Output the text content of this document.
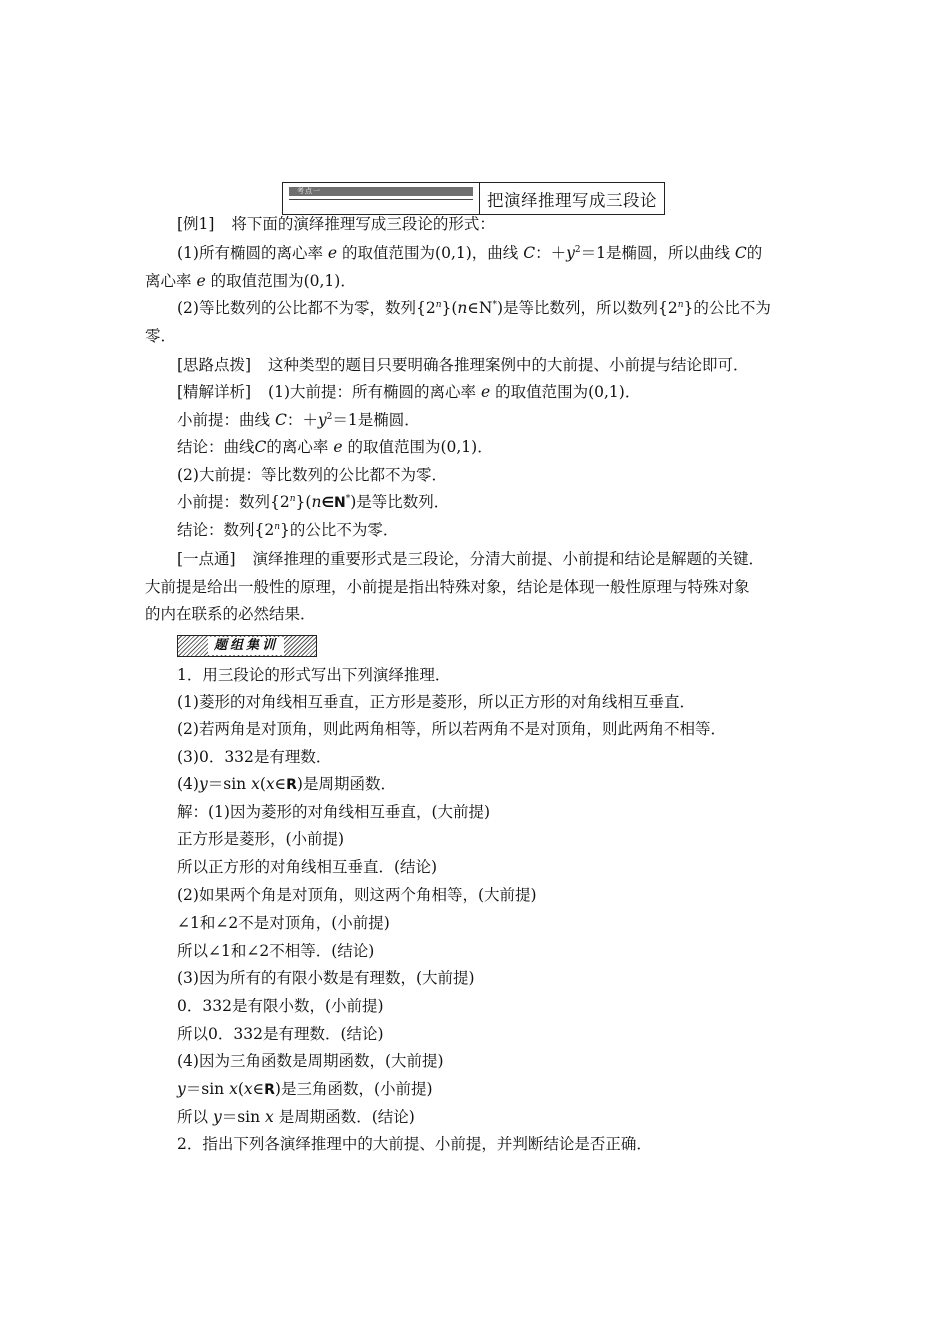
考点一	把演绎推理写成三段论
[例1] 将下面的演绎推理写成三段论的形式：
(1)所有椭圆的离心率 e 的取值范围为(0,1)，曲线 C：$+y^2=1$是椭圆，所以曲线 C的
离心率 e 的取值范围为(0,1)．
(2)等比数列的公比都不为零，数列{2$^n$}(n∈N*)是等比数列，所以数列{2$^n$}的公比不为
零．
[思路点拨] 这种类型的题目只要明确各推理案例中的大前提、小前提与结论即可．
[精解详析] (1)大前提：所有椭圆的离心率 e 的取值范围为(0,1)．
小前提：曲线 C：$+y^2=1$是椭圆．
结论：曲线C的离心率 e 的取值范围为(0,1)．
(2)大前提：等比数列的公比都不为零．
小前提：数列{2$^n$}(n∈N*)是等比数列．
结论：数列{2$^n$}的公比不为零．
[一点通] 演绎推理的重要形式是三段论，分清大前提、小前提和结论是解题的关键．
大前提是给出一般性的原理，小前提是指出特殊对象，结论是体现一般性原理与特殊对象
的内在联系的必然结果．
题组集训
1．用三段论的形式写出下列演绎推理．
(1)菱形的对角线相互垂直，正方形是菱形，所以正方形的对角线相互垂直．
(2)若两角是对顶角，则此两角相等，所以若两角不是对顶角，则此两角不相等．
(3)0．332是有理数．
(4)y＝sin x(x∈R)是周期函数．
解：(1)因为菱形的对角线相互垂直，(大前提)
正方形是菱形，(小前提)
所以正方形的对角线相互垂直．(结论)
(2)如果两个角是对顶角，则这两个角相等，(大前提)
∠1和∠2不是对顶角，(小前提)
所以∠1和∠2不相等．(结论)
(3)因为所有的有限小数是有理数，(大前提)
0．332是有限小数，(小前提)
所以0．332是有理数．(结论)
(4)因为三角函数是周期函数，(大前提)
y＝sin x(x∈R)是三角函数，(小前提)
所以 y＝sin x 是周期函数．(结论)
2．指出下列各演绎推理中的大前提、小前提，并判断结论是否正确．
